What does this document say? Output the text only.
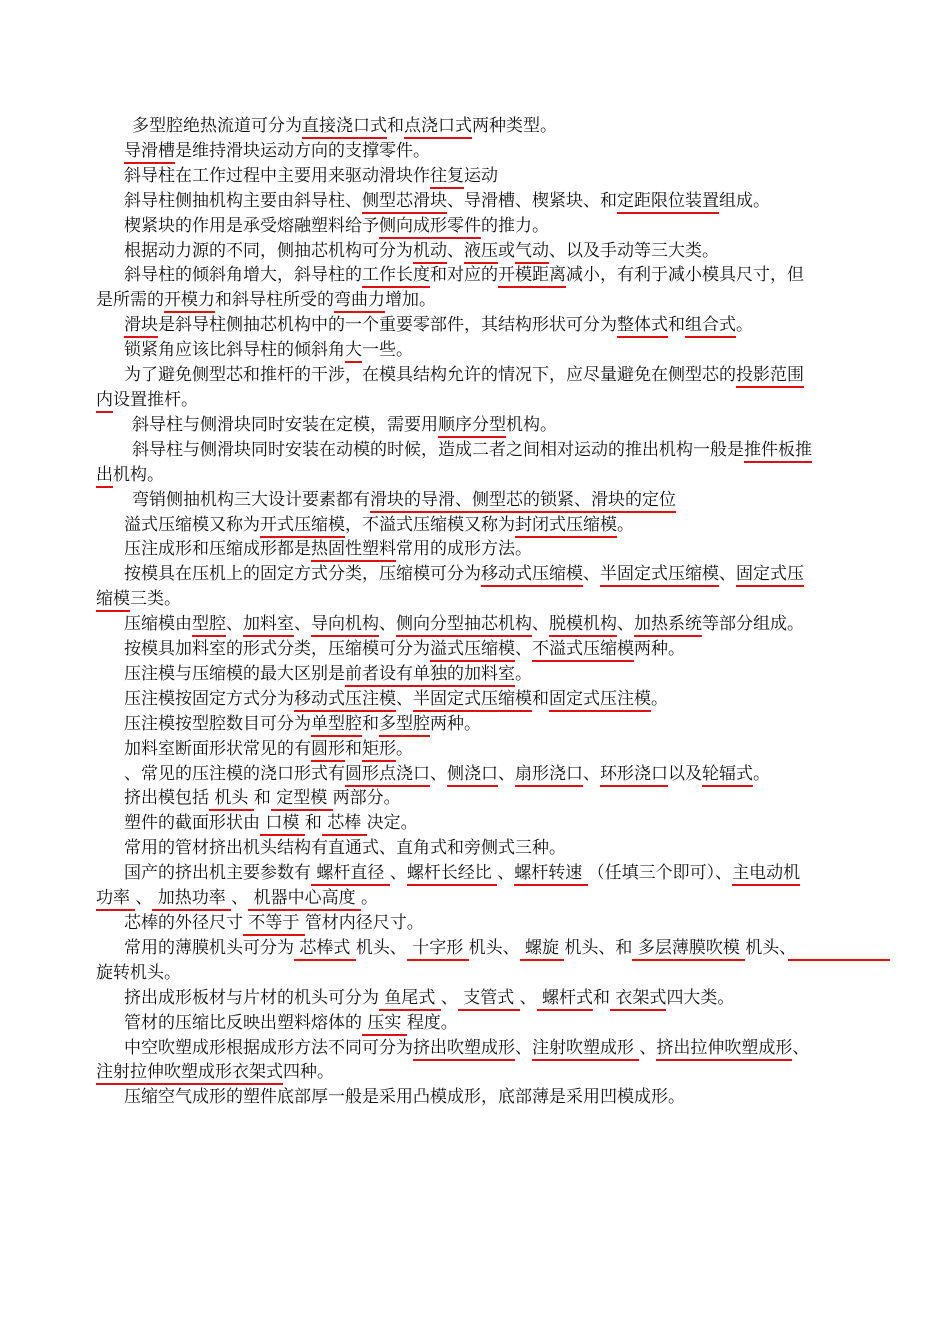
多型腔绝热流道可分为直接浇口式和点浇口式两种类型。

导滑槽是维持滑块运动方向的支撑零件。

斜导柱在工作过程中主要用来驱动滑块作往复运动

斜导柱侧抽机构主要由斜导柱、侧型芯滑块、导滑槽、楔紧块、和定距限位装置组成。

楔紧块的作用是承受熔融塑料给予侧向成形零件的推力。

根据动力源的不同，侧抽芯机构可分为机动、液压或气动、以及手动等三大类。

斜导柱的倾斜角增大，斜导柱的工作长度和对应的开模距离减小，有利于减小模具尺寸，但是所需的开模力和斜导柱所受的弯曲力增加。

滑块是斜导柱侧抽芯机构中的一个重要零部件，其结构形状可分为整体式和组合式。

锁紧角应该比斜导柱的倾斜角大一些。

为了避免侧型芯和推杆的干涉，在模具结构允许的情况下，应尽量避免在侧型芯的投影范围内设置推杆。

斜导柱与侧滑块同时安装在定模，需要用顺序分型机构。

斜导柱与侧滑块同时安装在动模的时候，造成二者之间相对运动的推出机构一般是推件板推出机构。

弯销侧抽机构三大设计要素都有滑块的导滑、侧型芯的锁紧、滑块的定位

溢式压缩模又称为开式压缩模，不溢式压缩模又称为封闭式压缩模。

压注成形和压缩成形都是热固性塑料常用的成形方法。

按模具在压机上的固定方式分类，压缩模可分为移动式压缩模、半固定式压缩模、固定式压缩模三类。

压缩模由型腔、加料室、导向机构、侧向分型抽芯机构、脱模机构、加热系统等部分组成。

按模具加料室的形式分类，压缩模可分为溢式压缩模、不溢式压缩模两种。

压注模与压缩模的最大区别是前者设有单独的加料室。

压注模按固定方式分为移动式压注模、半固定式压缩模和固定式压注模。

压注模按型腔数目可分为单型腔和多型腔两种。

加料室断面形状常见的有圆形和矩形。

、常见的压注模的浇口形式有圆形点浇口、侧浇口、扇形浇口、环形浇口以及轮辐式。

挤出模包括 机头 和 定型模 两部分。

塑件的截面形状由 口模 和 芯棒 决定。

常用的管材挤出机头结构有直通式、直角式和旁侧式三种。

国产的挤出机主要参数有 螺杆直径 、螺杆长经比 、螺杆转速 （任填三个即可）、主电动机功率 、 加热功率 、 机器中心高度 。

芯棒的外径尺寸 不等于 管材内径尺寸。

常用的薄膜机头可分为 芯棒式 机头、 十字形 机头、 螺旋 机头、和 多层薄膜吹模 机头、　　　　　　旋转机头。

挤出成形板材与片材的机头可分为 鱼尾式 、 支管式 、 螺杆式和 衣架式四大类。

管材的压缩比反映出塑料熔体的 压实 程度。

中空吹塑成形根据成形方法不同可分为挤出吹塑成形、注射吹塑成形 、挤出拉伸吹塑成形、注射拉伸吹塑成形衣架式四种。

压缩空气成形的塑件底部厚一般是采用凸模成形，底部薄是采用凹模成形。
